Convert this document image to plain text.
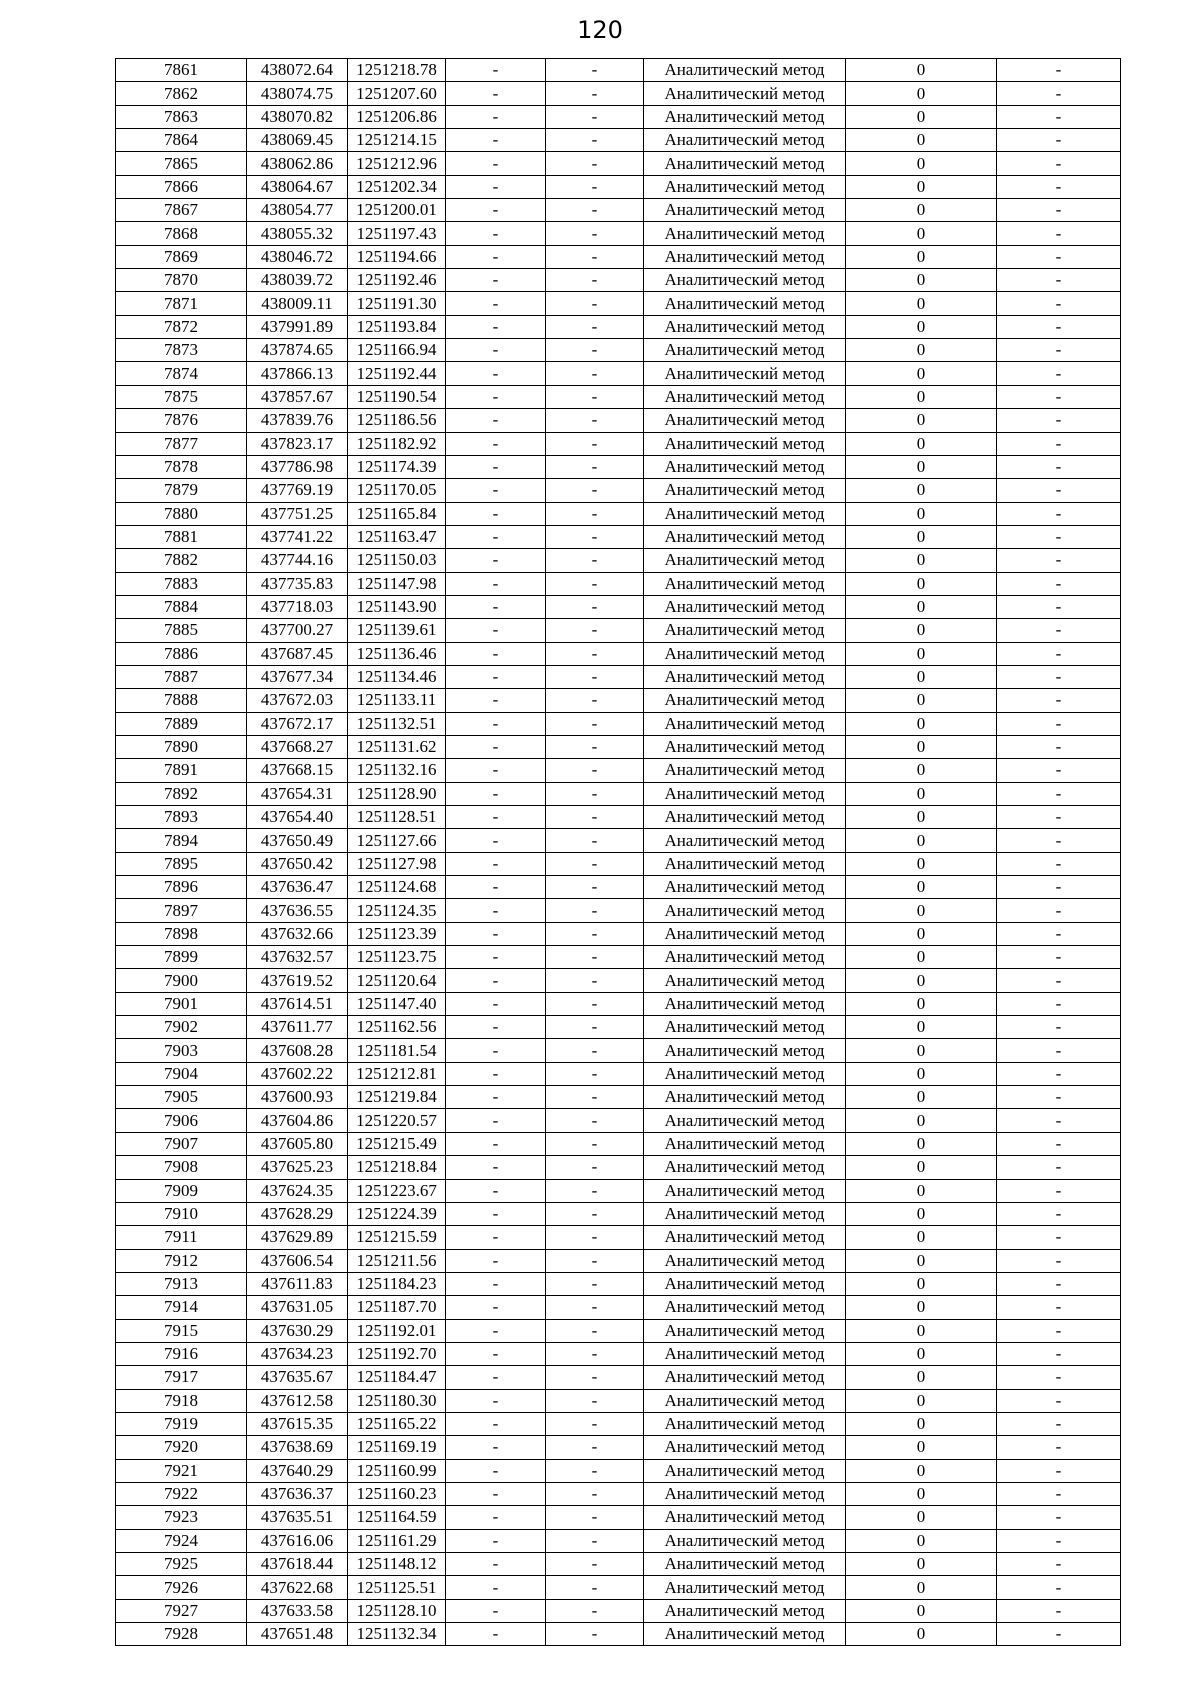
120
7861	438072.64	1251218.78	-	-	Аналитический метод	0	-
7862	438074.75	1251207.60	-	-	Аналитический метод	0	-
7863	438070.82	1251206.86	-	-	Аналитический метод	0	-
7864	438069.45	1251214.15	-	-	Аналитический метод	0	-
7865	438062.86	1251212.96	-	-	Аналитический метод	0	-
7866	438064.67	1251202.34	-	-	Аналитический метод	0	-
7867	438054.77	1251200.01	-	-	Аналитический метод	0	-
7868	438055.32	1251197.43	-	-	Аналитический метод	0	-
7869	438046.72	1251194.66	-	-	Аналитический метод	0	-
7870	438039.72	1251192.46	-	-	Аналитический метод	0	-
7871	438009.11	1251191.30	-	-	Аналитический метод	0	-
7872	437991.89	1251193.84	-	-	Аналитический метод	0	-
7873	437874.65	1251166.94	-	-	Аналитический метод	0	-
7874	437866.13	1251192.44	-	-	Аналитический метод	0	-
7875	437857.67	1251190.54	-	-	Аналитический метод	0	-
7876	437839.76	1251186.56	-	-	Аналитический метод	0	-
7877	437823.17	1251182.92	-	-	Аналитический метод	0	-
7878	437786.98	1251174.39	-	-	Аналитический метод	0	-
7879	437769.19	1251170.05	-	-	Аналитический метод	0	-
7880	437751.25	1251165.84	-	-	Аналитический метод	0	-
7881	437741.22	1251163.47	-	-	Аналитический метод	0	-
7882	437744.16	1251150.03	-	-	Аналитический метод	0	-
7883	437735.83	1251147.98	-	-	Аналитический метод	0	-
7884	437718.03	1251143.90	-	-	Аналитический метод	0	-
7885	437700.27	1251139.61	-	-	Аналитический метод	0	-
7886	437687.45	1251136.46	-	-	Аналитический метод	0	-
7887	437677.34	1251134.46	-	-	Аналитический метод	0	-
7888	437672.03	1251133.11	-	-	Аналитический метод	0	-
7889	437672.17	1251132.51	-	-	Аналитический метод	0	-
7890	437668.27	1251131.62	-	-	Аналитический метод	0	-
7891	437668.15	1251132.16	-	-	Аналитический метод	0	-
7892	437654.31	1251128.90	-	-	Аналитический метод	0	-
7893	437654.40	1251128.51	-	-	Аналитический метод	0	-
7894	437650.49	1251127.66	-	-	Аналитический метод	0	-
7895	437650.42	1251127.98	-	-	Аналитический метод	0	-
7896	437636.47	1251124.68	-	-	Аналитический метод	0	-
7897	437636.55	1251124.35	-	-	Аналитический метод	0	-
7898	437632.66	1251123.39	-	-	Аналитический метод	0	-
7899	437632.57	1251123.75	-	-	Аналитический метод	0	-
7900	437619.52	1251120.64	-	-	Аналитический метод	0	-
7901	437614.51	1251147.40	-	-	Аналитический метод	0	-
7902	437611.77	1251162.56	-	-	Аналитический метод	0	-
7903	437608.28	1251181.54	-	-	Аналитический метод	0	-
7904	437602.22	1251212.81	-	-	Аналитический метод	0	-
7905	437600.93	1251219.84	-	-	Аналитический метод	0	-
7906	437604.86	1251220.57	-	-	Аналитический метод	0	-
7907	437605.80	1251215.49	-	-	Аналитический метод	0	-
7908	437625.23	1251218.84	-	-	Аналитический метод	0	-
7909	437624.35	1251223.67	-	-	Аналитический метод	0	-
7910	437628.29	1251224.39	-	-	Аналитический метод	0	-
7911	437629.89	1251215.59	-	-	Аналитический метод	0	-
7912	437606.54	1251211.56	-	-	Аналитический метод	0	-
7913	437611.83	1251184.23	-	-	Аналитический метод	0	-
7914	437631.05	1251187.70	-	-	Аналитический метод	0	-
7915	437630.29	1251192.01	-	-	Аналитический метод	0	-
7916	437634.23	1251192.70	-	-	Аналитический метод	0	-
7917	437635.67	1251184.47	-	-	Аналитический метод	0	-
7918	437612.58	1251180.30	-	-	Аналитический метод	0	-
7919	437615.35	1251165.22	-	-	Аналитический метод	0	-
7920	437638.69	1251169.19	-	-	Аналитический метод	0	-
7921	437640.29	1251160.99	-	-	Аналитический метод	0	-
7922	437636.37	1251160.23	-	-	Аналитический метод	0	-
7923	437635.51	1251164.59	-	-	Аналитический метод	0	-
7924	437616.06	1251161.29	-	-	Аналитический метод	0	-
7925	437618.44	1251148.12	-	-	Аналитический метод	0	-
7926	437622.68	1251125.51	-	-	Аналитический метод	0	-
7927	437633.58	1251128.10	-	-	Аналитический метод	0	-
7928	437651.48	1251132.34	-	-	Аналитический метод	0	-
